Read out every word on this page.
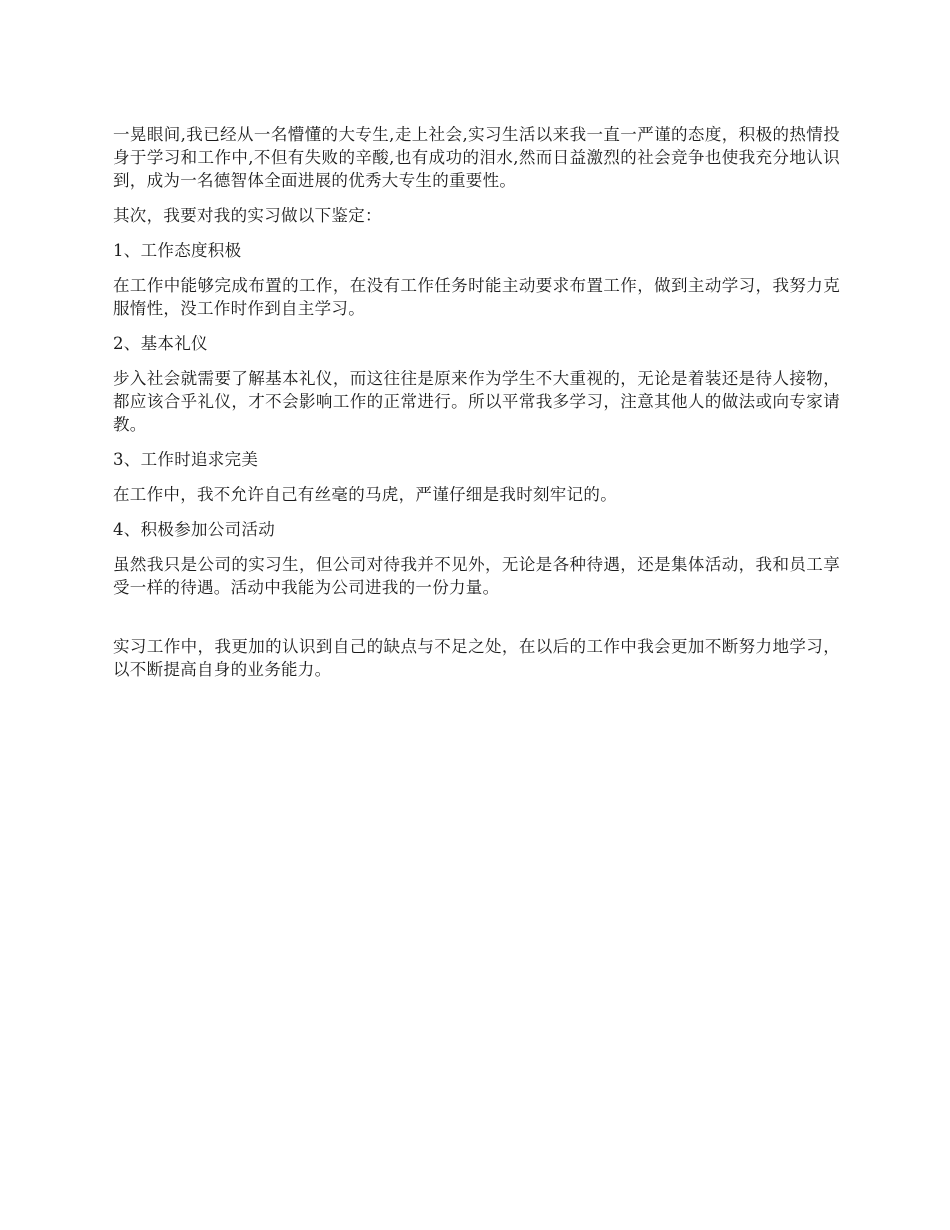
一晃眼间,我已经从一名懵懂的大专生,走上社会,实习生活以来我一直一严谨的态度，积极的热情投身于学习和工作中,不但有失败的辛酸,也有成功的泪水,然而日益激烈的社会竞争也使我充分地认识到，成为一名德智体全面进展的优秀大专生的重要性。

其次，我要对我的实习做以下鉴定：

1、工作态度积极

在工作中能够完成布置的工作，在没有工作任务时能主动要求布置工作，做到主动学习，我努力克服惰性，没工作时作到自主学习。

2、基本礼仪

步入社会就需要了解基本礼仪，而这往往是原来作为学生不大重视的，无论是着装还是待人接物，都应该合乎礼仪，才不会影响工作的正常进行。所以平常我多学习，注意其他人的做法或向专家请教。

3、工作时追求完美

在工作中，我不允许自己有丝毫的马虎，严谨仔细是我时刻牢记的。

4、积极参加公司活动

虽然我只是公司的实习生，但公司对待我并不见外，无论是各种待遇，还是集体活动，我和员工享受一样的待遇。活动中我能为公司进我的一份力量。

实习工作中，我更加的认识到自己的缺点与不足之处，在以后的工作中我会更加不断努力地学习，以不断提高自身的业务能力。
